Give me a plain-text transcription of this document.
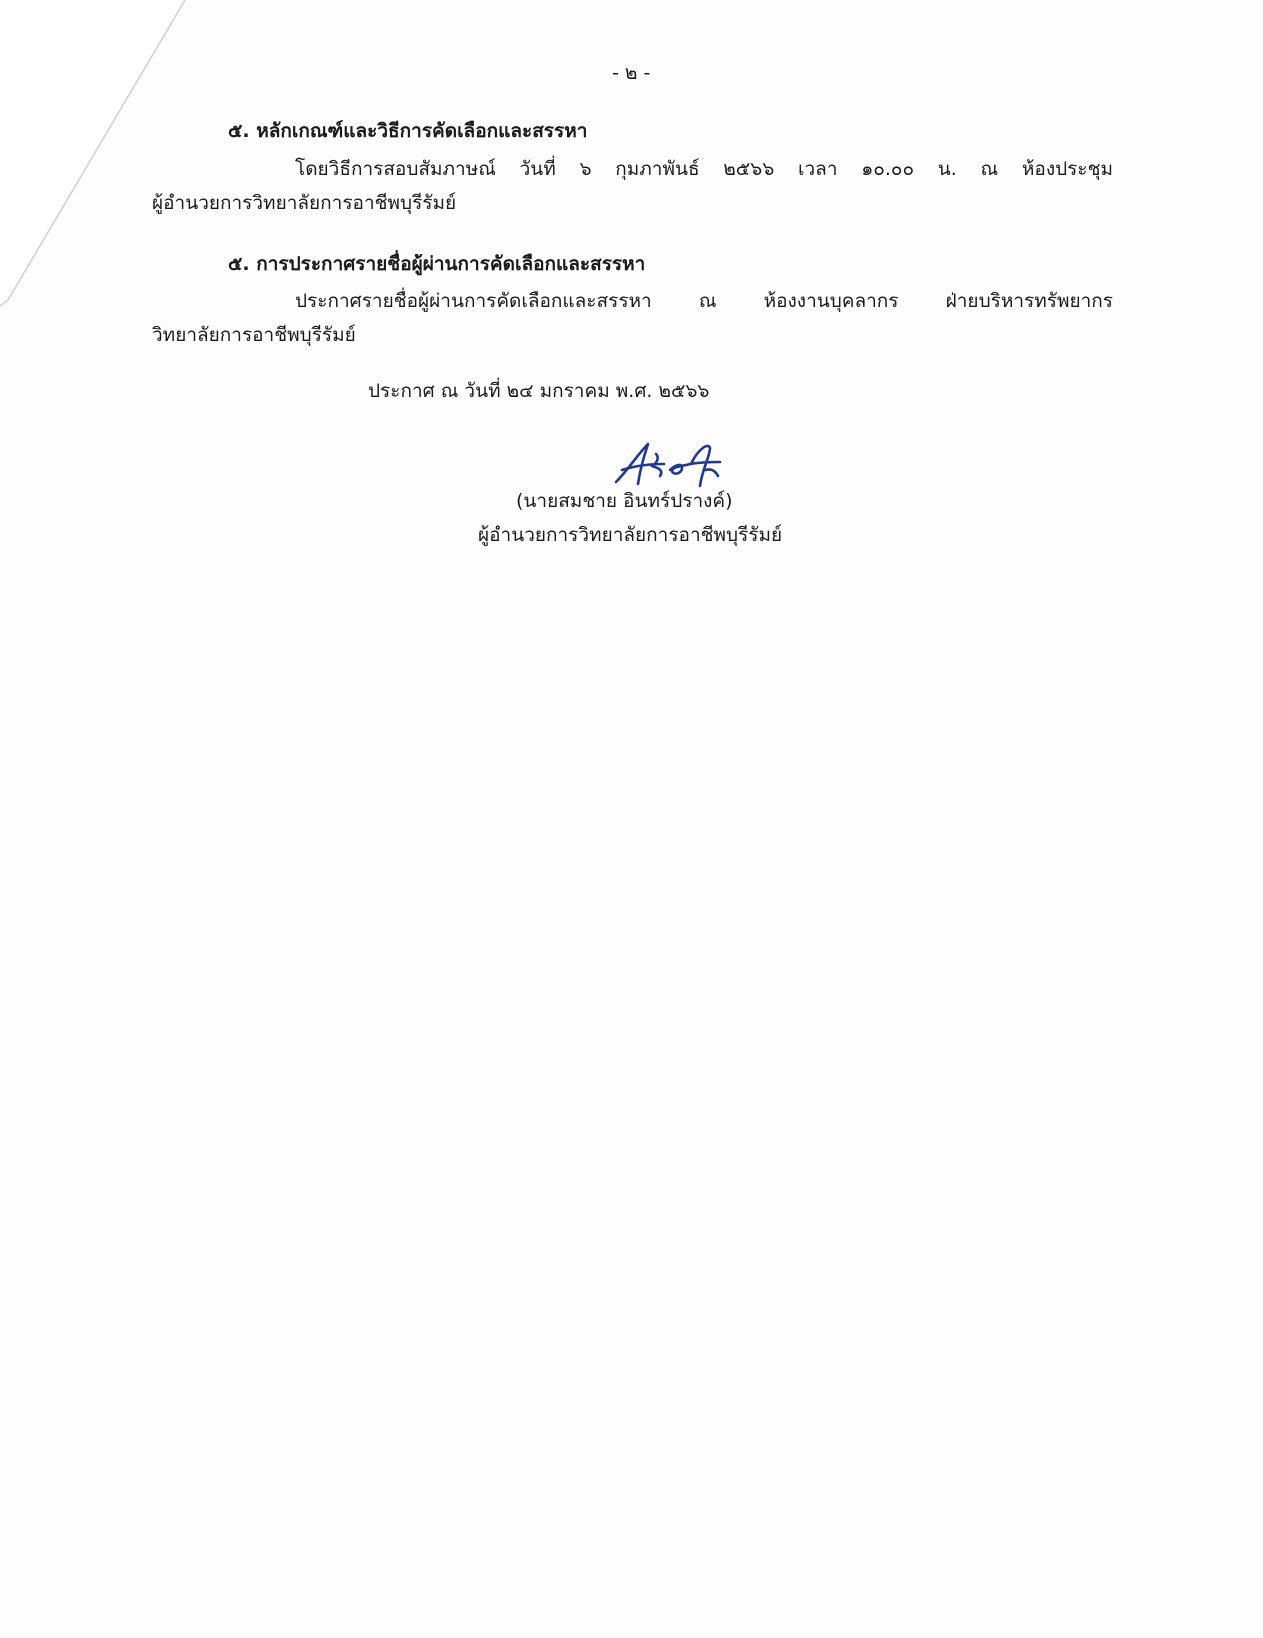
- ๒ -
๕. หลักเกณฑ์และวิธีการคัดเลือกและสรรหา
โดยวิธีการสอบสัมภาษณ์ วันที่ ๖ กุมภาพันธ์ ๒๕๖๖ เวลา ๑๐.๐๐ น. ณ ห้องประชุม
ผู้อำนวยการวิทยาลัยการอาชีพบุรีรัมย์
๕. การประกาศรายชื่อผู้ผ่านการคัดเลือกและสรรหา
ประกาศรายชื่อผู้ผ่านการคัดเลือกและสรรหา ณ ห้องงานบุคลากร ฝ่ายบริหารทรัพยากร
วิทยาลัยการอาชีพบุรีรัมย์
ประกาศ ณ วันที่ ๒๔ มกราคม พ.ศ. ๒๕๖๖
(นายสมชาย อินทร์ปรางค์)
ผู้อำนวยการวิทยาลัยการอาชีพบุรีรัมย์
